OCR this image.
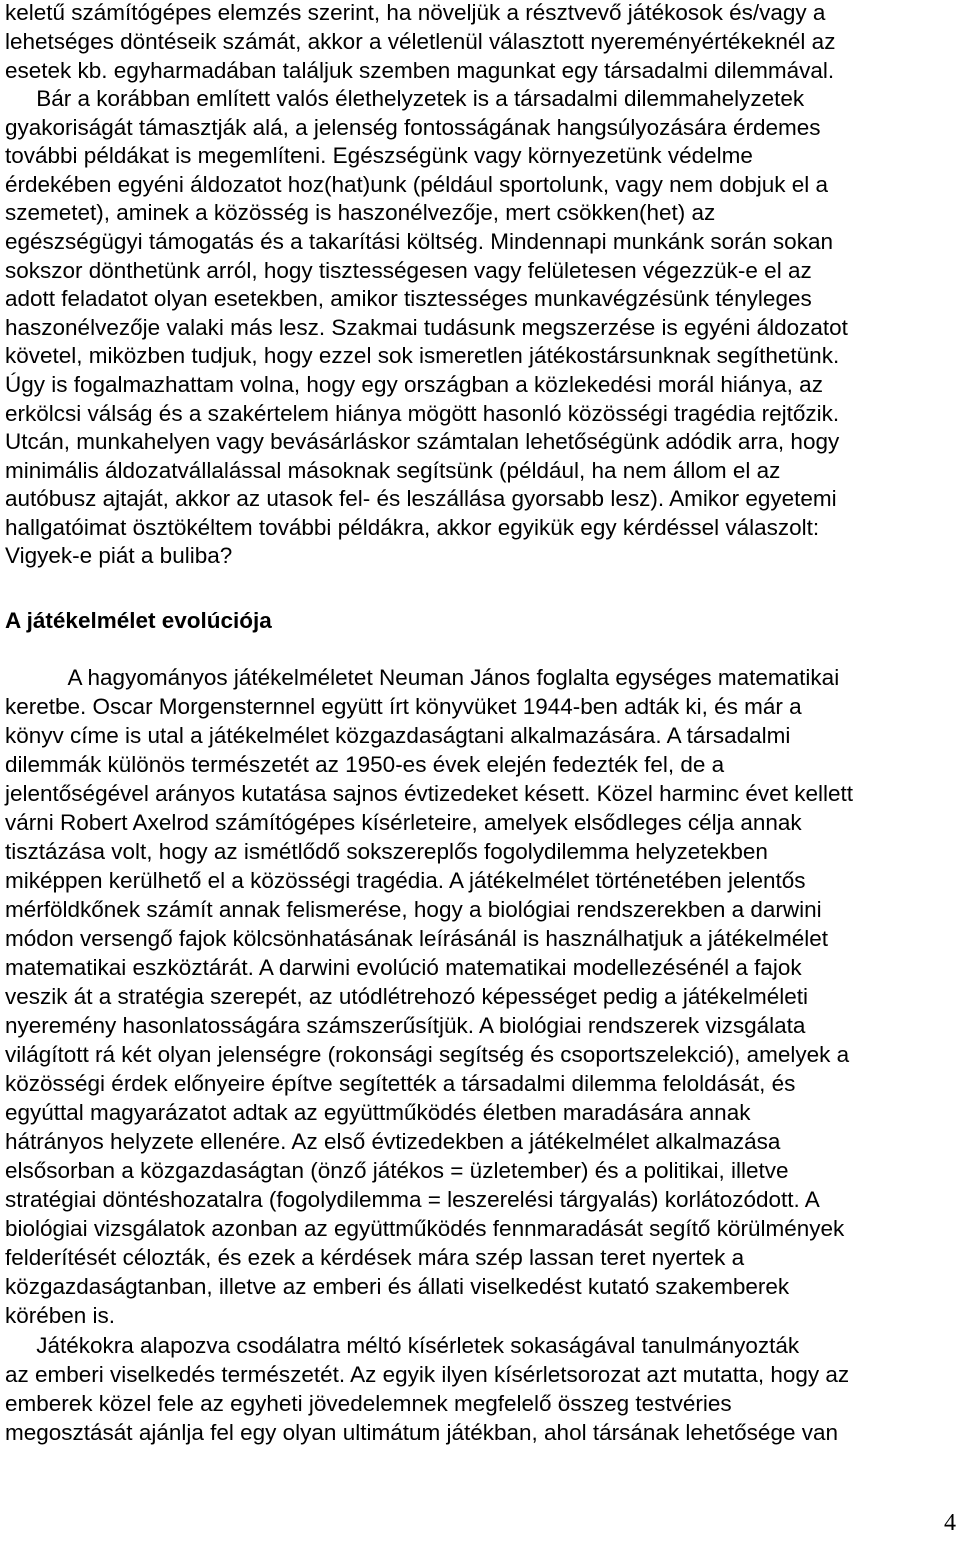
keletű számítógépes elemzés szerint, ha növeljük a résztvevő játékosok és/vagy a
lehetséges döntéseik számát, akkor a véletlenül választott nyereményértékeknél az
esetek kb. egyharmadában találjuk szemben magunkat egy társadalmi dilemmával.
Bár a korábban említett valós élethelyzetek is a társadalmi dilemmahelyzetek
gyakoriságát támasztják alá, a jelenség fontosságának hangsúlyozására érdemes
további példákat is megemlíteni. Egészségünk vagy környezetünk védelme
érdekében egyéni áldozatot hoz(hat)unk (például sportolunk, vagy nem dobjuk el a
szemetet), aminek a közösség is haszonélvezője, mert csökken(het) az
egészségügyi támogatás és a takarítási költség. Mindennapi munkánk során sokan
sokszor dönthetünk arról, hogy tisztességesen vagy felületesen végezzük-e el az
adott feladatot olyan esetekben, amikor tisztességes munkavégzésünk tényleges
haszonélvezője valaki más lesz. Szakmai tudásunk megszerzése is egyéni áldozatot
követel, miközben tudjuk, hogy ezzel sok ismeretlen játékostársunknak segíthetünk.
Úgy is fogalmazhattam volna, hogy egy országban a közlekedési morál hiánya, az
erkölcsi válság és a szakértelem hiánya mögött hasonló közösségi tragédia rejtőzik.
Utcán, munkahelyen vagy bevásárláskor számtalan lehetőségünk adódik arra, hogy
minimális áldozatvállalással másoknak segítsünk (például, ha nem állom el az
autóbusz ajtaját, akkor az utasok fel- és leszállása gyorsabb lesz). Amikor egyetemi
hallgatóimat ösztökéltem további példákra, akkor egyikük egy kérdéssel válaszolt:
Vigyek-e piát a buliba?
A játékelmélet evolúciója
A hagyományos játékelméletet Neuman János foglalta egységes matematikai
keretbe. Oscar Morgensternnel együtt írt könyvüket 1944-ben adták ki, és már a
könyv címe is utal a játékelmélet közgazdaságtani alkalmazására. A társadalmi
dilemmák különös természetét az 1950-es évek elején fedezték fel, de a
jelentőségével arányos kutatása sajnos évtizedeket késett. Közel harminc évet kellett
várni Robert Axelrod számítógépes kísérleteire, amelyek elsődleges célja annak
tisztázása volt, hogy az ismétlődő sokszereplős fogolydilemma helyzetekben
miképpen kerülhető el a közösségi tragédia. A játékelmélet történetében jelentős
mérföldkőnek számít annak felismerése, hogy a biológiai rendszerekben a darwini
módon versengő fajok kölcsönhatásának leírásánál is használhatjuk a játékelmélet
matematikai eszköztárát. A darwini evolúció matematikai modellezésénél a fajok
veszik át a stratégia szerepét, az utódlétrehozó képességet pedig a játékelméleti
nyeremény hasonlatosságára számszerűsítjük. A biológiai rendszerek vizsgálata
világított rá két olyan jelenségre (rokonsági segítség és csoportszelekció), amelyek a
közösségi érdek előnyeire építve segítették a társadalmi dilemma feloldását, és
egyúttal magyarázatot adtak az együttműködés életben maradására annak
hátrányos helyzete ellenére. Az első évtizedekben a játékelmélet alkalmazása
elsősorban a közgazdaságtan (önző játékos = üzletember) és a politikai, illetve
stratégiai döntéshozatalra (fogolydilemma = leszerelési tárgyalás) korlátozódott. A
biológiai vizsgálatok azonban az együttműködés fennmaradását segítő körülmények
felderítését célozták, és ezek a kérdések mára szép lassan teret nyertek a
közgazdaságtanban, illetve az emberi és állati viselkedést kutató szakemberek
körében is.
Játékokra alapozva csodálatra méltó kísérletek sokaságával tanulmányozták
az emberi viselkedés természetét. Az egyik ilyen kísérletsorozat azt mutatta, hogy az
emberek közel fele az egyheti jövedelemnek megfelelő összeg testvéries
megosztását ajánlja fel egy olyan ultimátum játékban, ahol társának lehetősége van
4
